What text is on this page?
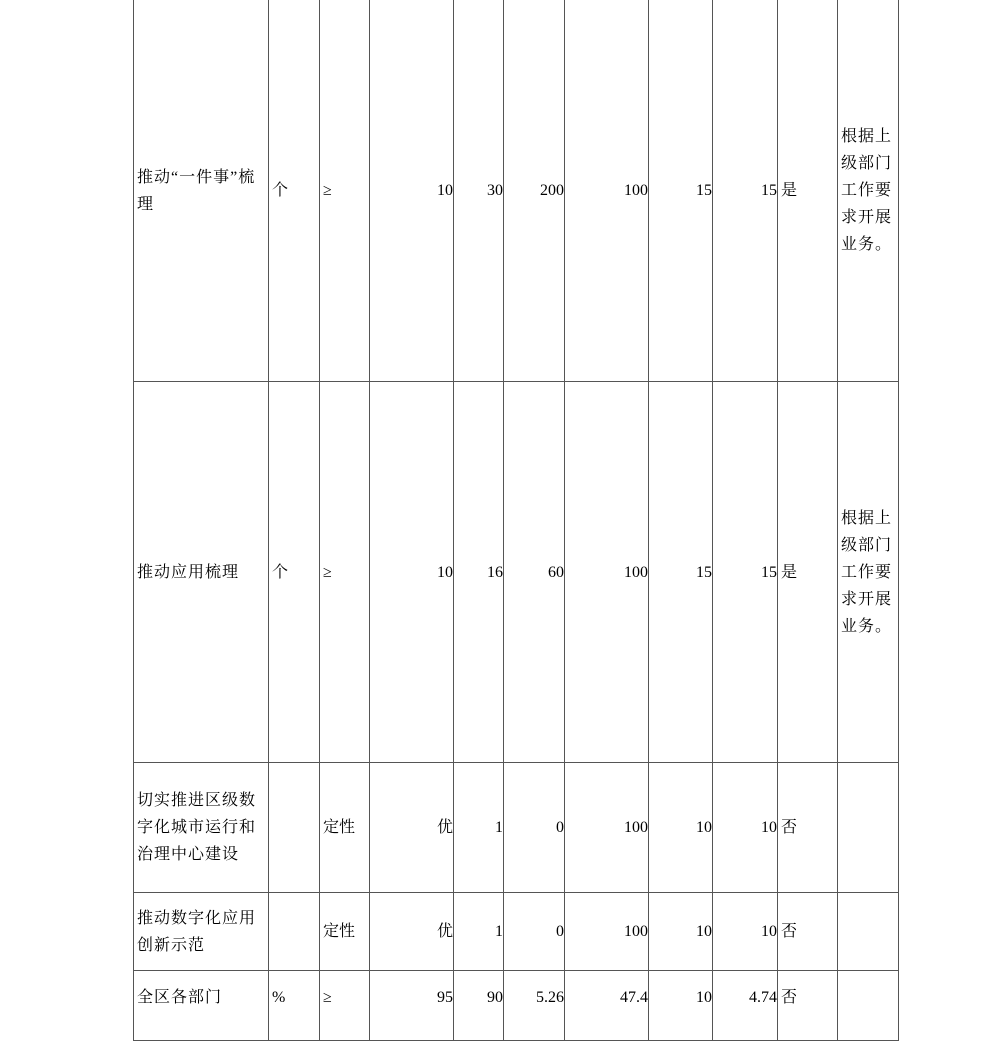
推动“一件事”梳理	个	≥	10	30	200	100	15	15	是	根据上级部门工作要求开展业务。
推动应用梳理	个	≥	10	16	60	100	15	15	是	根据上级部门工作要求开展业务。
切实推进区级数字化城市运行和治理中心建设		定性	优	1	0	100	10	10	否	
推动数字化应用创新示范		定性	优	1	0	100	10	10	否	
全区各部门	%	≥	95	90	5.26	47.4	10	4.74	否	
